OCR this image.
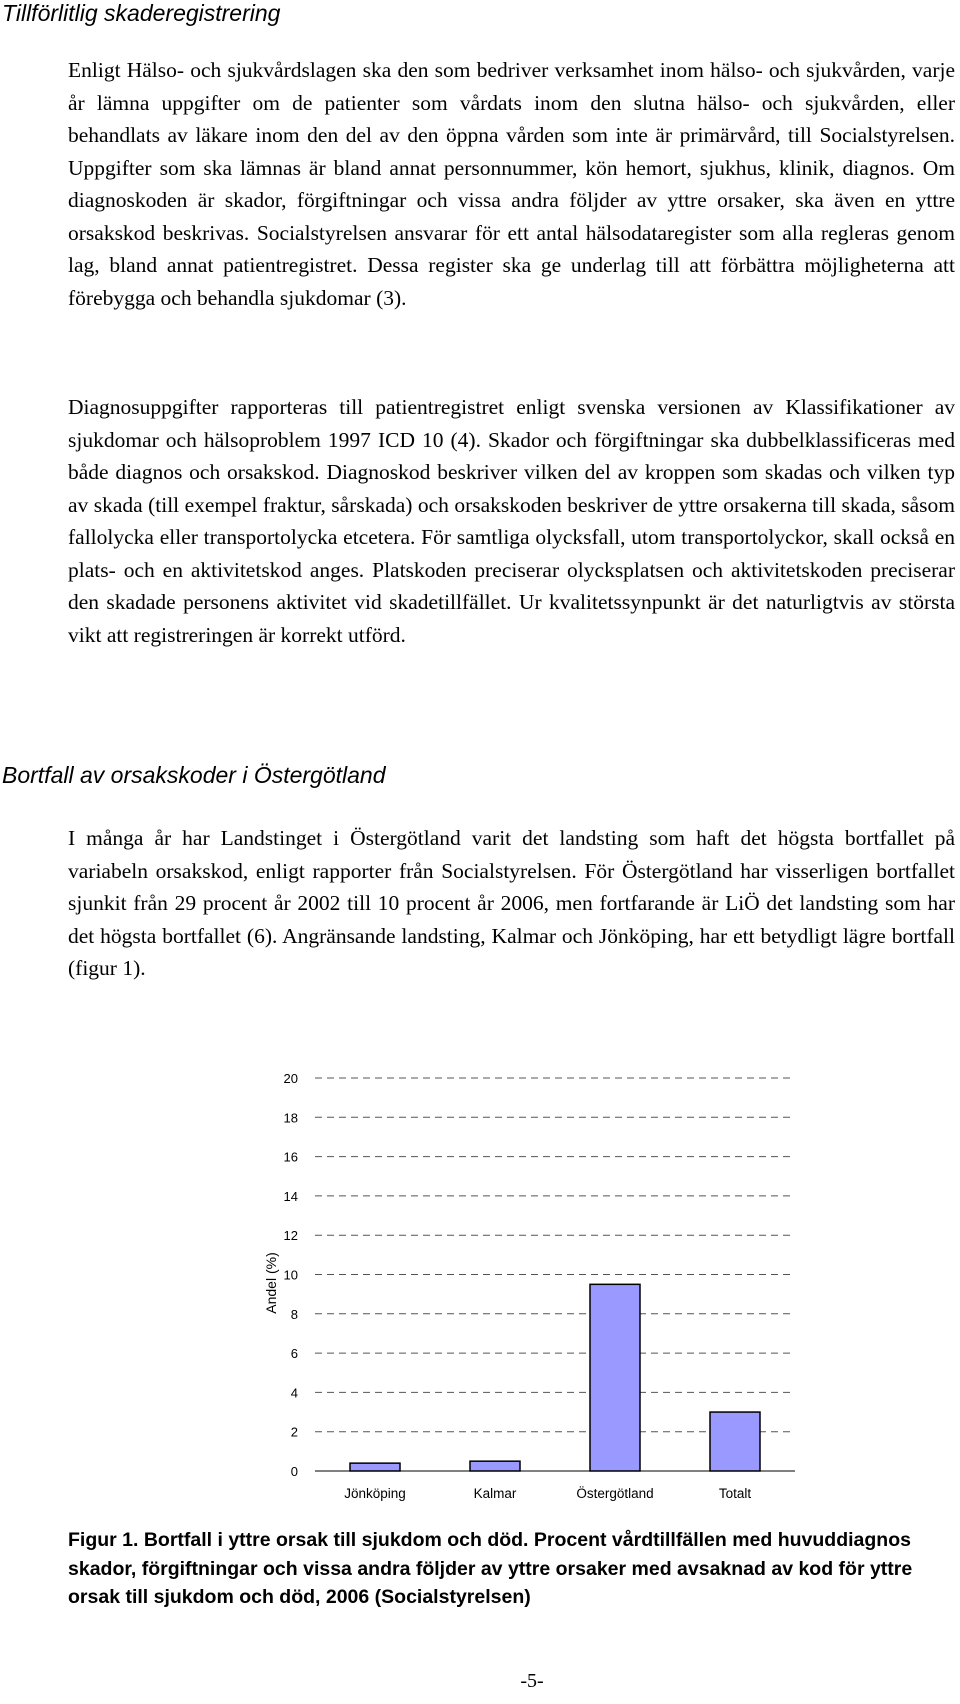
Tillförlitlig skaderegistrering

Enligt Hälso- och sjukvårdslagen ska den som bedriver verksamhet inom hälso- och sjukvården, varje år lämna uppgifter om de patienter som vårdats inom den slutna hälso- och sjukvården, eller behandlats av läkare inom den del av den öppna vården som inte är primärvård, till Socialstyrelsen. Uppgifter som ska lämnas är bland annat personnummer, kön hemort, sjukhus, klinik, diagnos. Om diagnoskoden är skador, förgiftningar och vissa andra följder av yttre orsaker, ska även en yttre orsakskod beskrivas. Socialstyrelsen ansvarar för ett antal hälsodataregister som alla regleras genom lag, bland annat patientregistret. Dessa register ska ge underlag till att förbättra möjligheterna att förebygga och behandla sjukdomar (3).

Diagnosuppgifter rapporteras till patientregistret enligt svenska versionen av Klassifikationer av sjukdomar och hälsoproblem 1997 ICD 10 (4). Skador och förgiftningar ska dubbelklassificeras med både diagnos och orsakskod. Diagnoskod beskriver vilken del av kroppen som skadas och vilken typ av skada (till exempel fraktur, sårskada) och orsakskoden beskriver de yttre orsakerna till skada, såsom fallolycka eller transportolycka etcetera. För samtliga olycksfall, utom transportolyckor, skall också en plats- och en aktivitetskod anges. Platskoden preciserar olycksplatsen och aktivitetskoden preciserar den skadade personens aktivitet vid skadetillfället. Ur kvalitetssynpunkt är det naturligtvis av största vikt att registreringen är korrekt utförd.

Bortfall av orsakskoder i Östergötland

I många år har Landstinget i Östergötland varit det landsting som haft det högsta bortfallet på variabeln orsakskod, enligt rapporter från Socialstyrelsen. För Östergötland har visserligen bortfallet sjunkit från 29 procent år 2002 till 10 procent år 2006, men fortfarande är LiÖ det landsting som har det högsta bortfallet (6). Angränsande landsting, Kalmar och Jönköping, har ett betydligt lägre bortfall (figur 1).

0
2
4
6
8
10
12
14
16
18
20
Andel (%)
Jönköping	Kalmar	Östergötland	Totalt

Figur 1. Bortfall i yttre orsak till sjukdom och död. Procent vårdtillfällen med huvuddiagnos skador, förgiftningar och vissa andra följder av yttre orsaker med avsaknad av kod för yttre orsak till sjukdom och död, 2006 (Socialstyrelsen)

-5-
